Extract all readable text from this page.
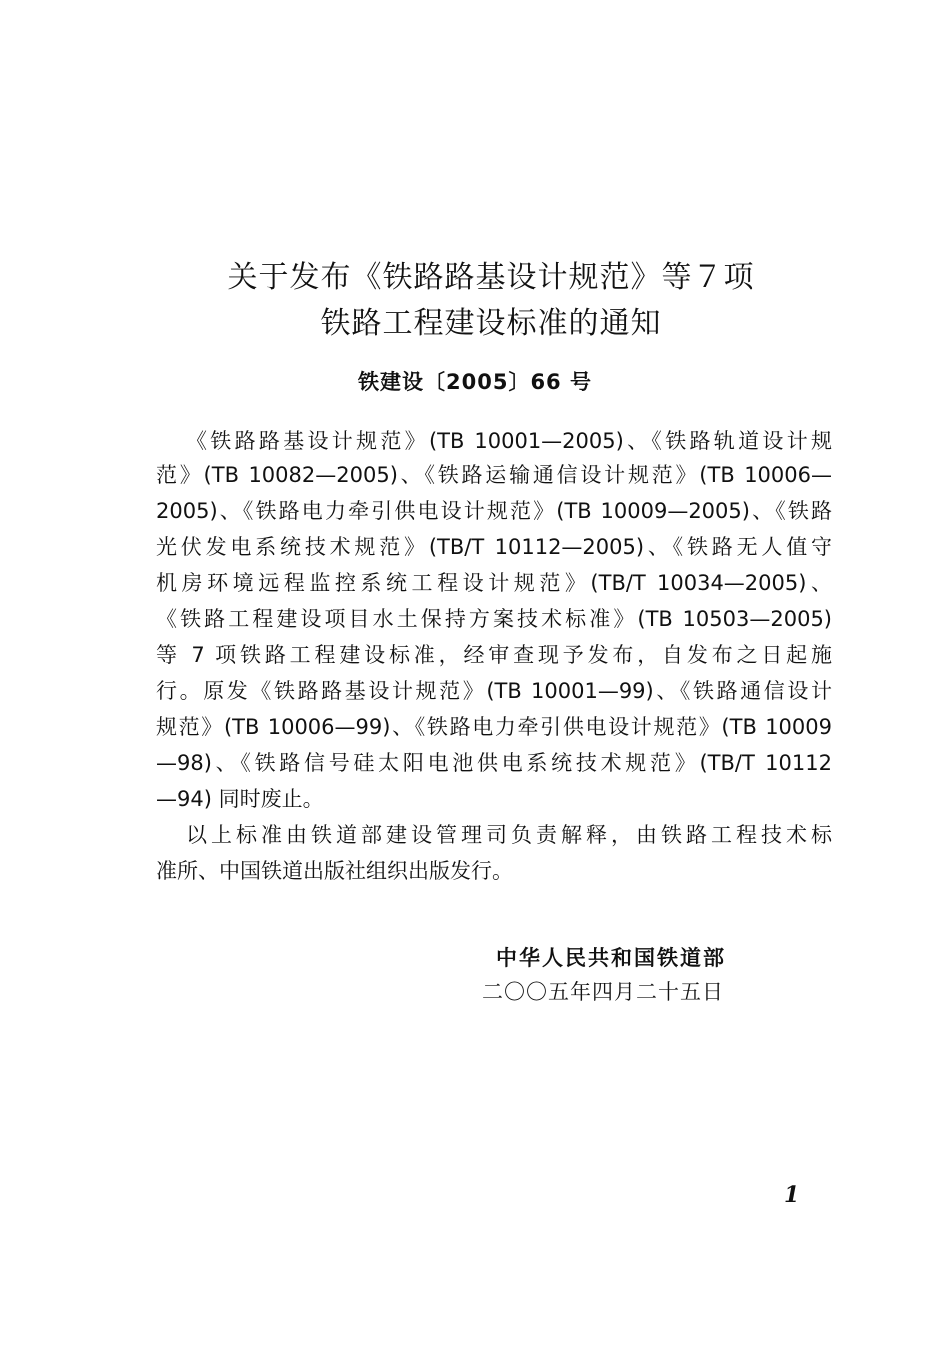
关于发布《铁路路基设计规范》等７项
铁路工程建设标准的通知
铁建设〔2005〕66 号
《铁路路基设计规范》(TB 10001—2005)、《铁路轨道设计规
范》(TB 10082—2005)、《铁路运输通信设计规范》(TB 10006—
2005)、《铁路电力牵引供电设计规范》(TB 10009—2005)、《铁路
光伏发电系统技术规范》(TB/T 10112—2005)、《铁路无人值守
机房环境远程监控系统工程设计规范》(TB/T 10034—2005)、
《铁路工程建设项目水土保持方案技术标准》(TB 10503—2005)
等 7 项铁路工程建设标准，经审查现予发布，自发布之日起施
行。原发《铁路路基设计规范》(TB 10001—99)、《铁路通信设计
规范》(TB 10006—99)、《铁路电力牵引供电设计规范》(TB 10009
—98)、《铁路信号硅太阳电池供电系统技术规范》(TB/T 10112
—94) 同时废止。
以上标准由铁道部建设管理司负责解释，由铁路工程技术标
准所、中国铁道出版社组织出版发行。
中华人民共和国铁道部
二〇〇五年四月二十五日
1
